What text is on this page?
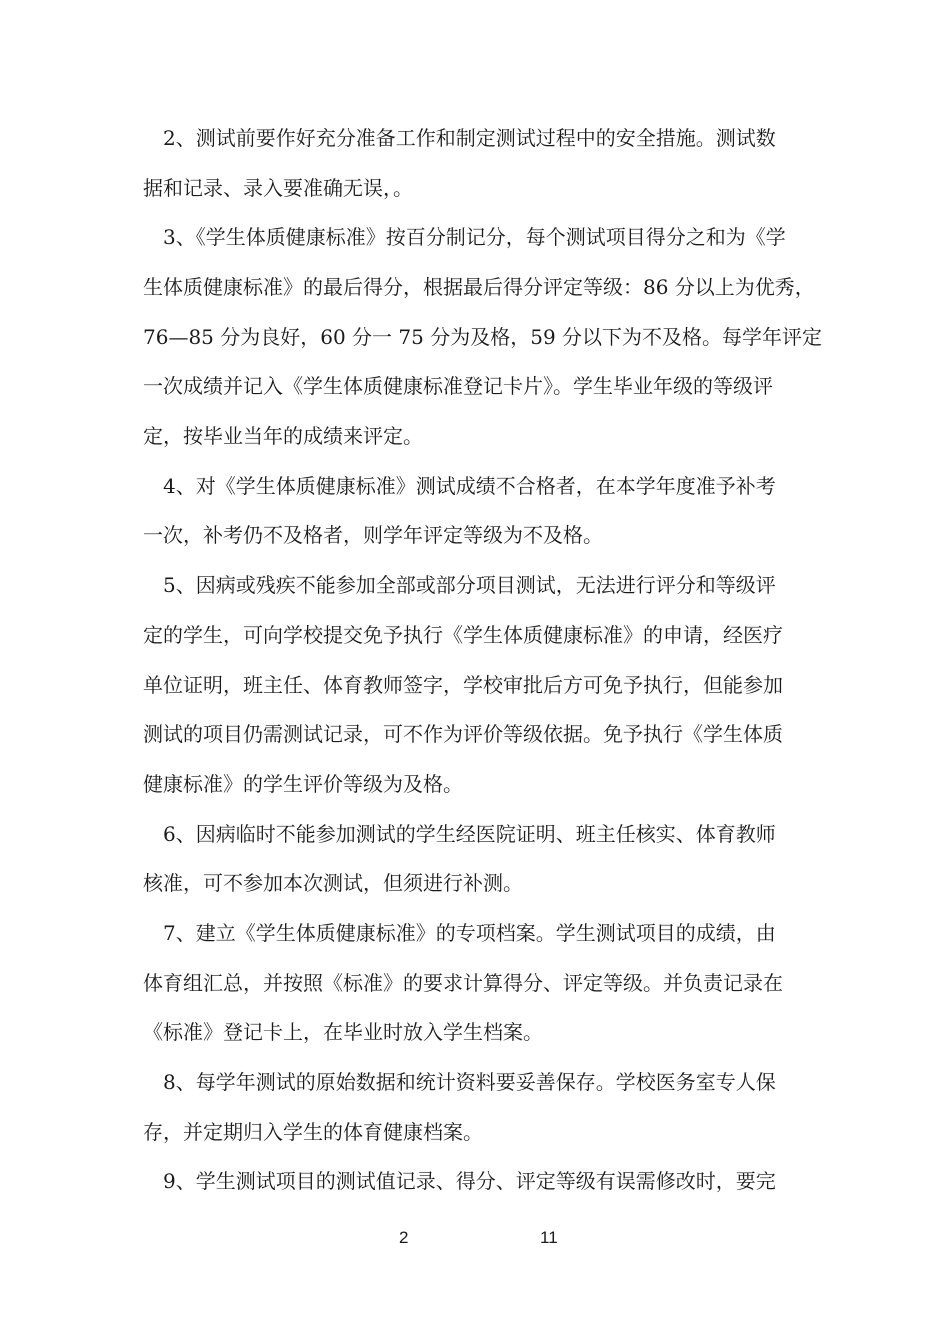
2、测试前要作好充分准备工作和制定测试过程中的安全措施。测试数
据和记录、录入要准确无误，。
3、《学生体质健康标准》按百分制记分，每个测试项目得分之和为《学
生体质健康标准》的最后得分，根据最后得分评定等级：86 分以上为优秀，
76—85 分为良好，60 分一 75 分为及格，59 分以下为不及格。每学年评定
一次成绩并记入《学生体质健康标准登记卡片》。学生毕业年级的等级评
定，按毕业当年的成绩来评定。
4、对《学生体质健康标准》测试成绩不合格者，在本学年度准予补考
一次，补考仍不及格者，则学年评定等级为不及格。
5、因病或残疾不能参加全部或部分项目测试，无法进行评分和等级评
定的学生，可向学校提交免予执行《学生体质健康标准》的申请，经医疗
单位证明，班主任、体育教师签字，学校审批后方可免予执行，但能参加
测试的项目仍需测试记录，可不作为评价等级依据。免予执行《学生体质
健康标准》的学生评价等级为及格。
6、因病临时不能参加测试的学生经医院证明、班主任核实、体育教师
核准，可不参加本次测试，但须进行补测。
7、建立《学生体质健康标准》的专项档案。学生测试项目的成绩，由
体育组汇总，并按照《标准》的要求计算得分、评定等级。并负责记录在
《标准》登记卡上，在毕业时放入学生档案。
8、每学年测试的原始数据和统计资料要妥善保存。学校医务室专人保
存，并定期归入学生的体育健康档案。
9、学生测试项目的测试值记录、得分、评定等级有误需修改时，要完
2	11
